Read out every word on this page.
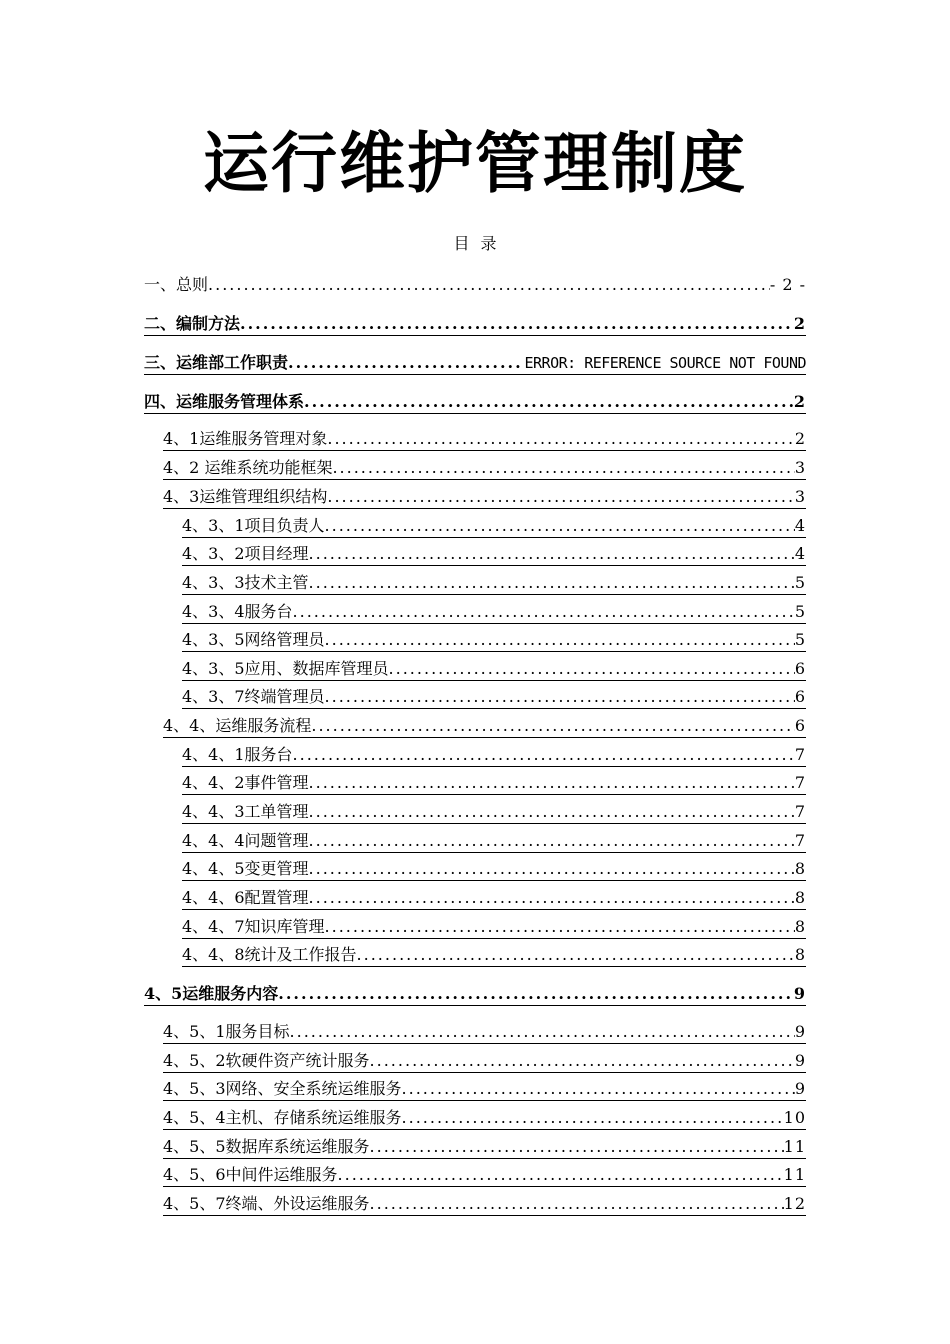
运行维护管理制度
目 录
一、总则 .....	- 2 -
二、编制方法 .....	2
三、运维部工作职责 .....	ERROR: REFERENCE SOURCE NOT FOUND
四、运维服务管理体系 .....	2
4、1运维服务管理对象 .....	2
4、2 运维系统功能框架 .....	3
4、3运维管理组织结构 .....	3
4、3、1项目负责人 .....	4
4、3、2项目经理 .....	4
4、3、3技术主管 .....	5
4、3、4服务台 .....	5
4、3、5网络管理员 .....	5
4、3、5应用、数据库管理员 .....	6
4、3、7终端管理员 .....	6
4、4、运维服务流程 .....	6
4、4、1服务台 .....	7
4、4、2事件管理 .....	7
4、4、3工单管理 .....	7
4、4、4问题管理 .....	7
4、4、5变更管理 .....	8
4、4、6配置管理 .....	8
4、4、7知识库管理 .....	8
4、4、8统计及工作报告 .....	8
4、5运维服务内容 .....	9
4、5、1服务目标 .....	9
4、5、2软硬件资产统计服务 .....	9
4、5、3网络、安全系统运维服务 .....	9
4、5、4主机、存储系统运维服务 .....	10
4、5、5数据库系统运维服务 .....	11
4、5、6中间件运维服务 .....	11
4、5、7终端、外设运维服务 .....	12
